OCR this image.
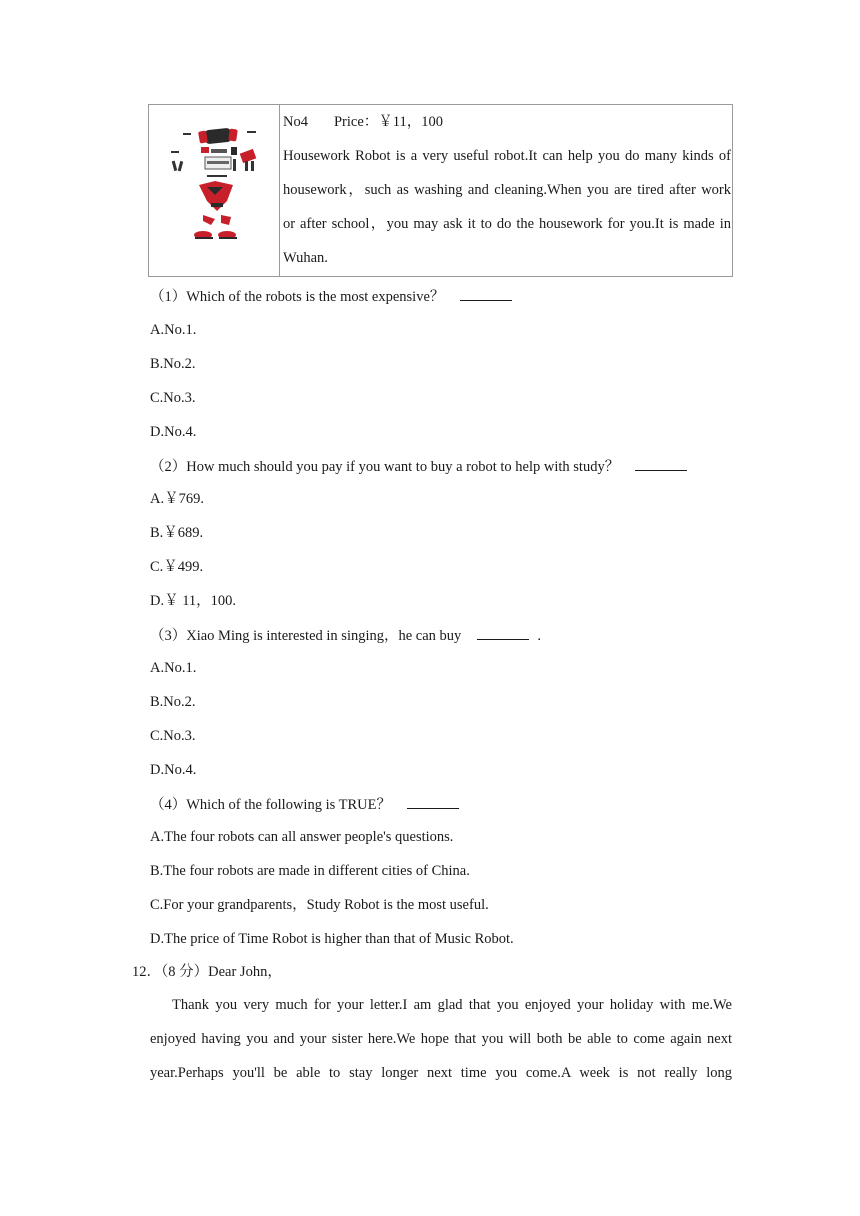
No4 Price：￥11，100
Housework Robot is a very useful robot.It can help you do many kinds of
housework，such as washing and cleaning.When you are tired after work
or after school，you may ask it to do the housework for you.It is made in
Wuhan.
（1）Which of the robots is the most expensive？
A.No.1.
B.No.2.
C.No.3.
D.No.4.
（2）How much should you pay if you want to buy a robot to help with study？
A.￥769.
B.￥689.
C.￥499.
D.￥ 11，100.
（3）Xiao Ming is interested in singing，he can buy	.
A.No.1.
B.No.2.
C.No.3.
D.No.4.
（4）Which of the following is TRUE？
A.The four robots can all answer people's questions.
B.The four robots are made in different cities of China.
C.For your grandparents，Study Robot is the most useful.
D.The price of Time Robot is higher than that of Music Robot.
12．（8 分）Dear John，
Thank you very much for your letter.I am glad that you enjoyed your holiday with me.We
enjoyed having you and your sister here.We hope that you will both be able to come again next
year.Perhaps you'll be able to stay longer next time you come.A week is not really long
